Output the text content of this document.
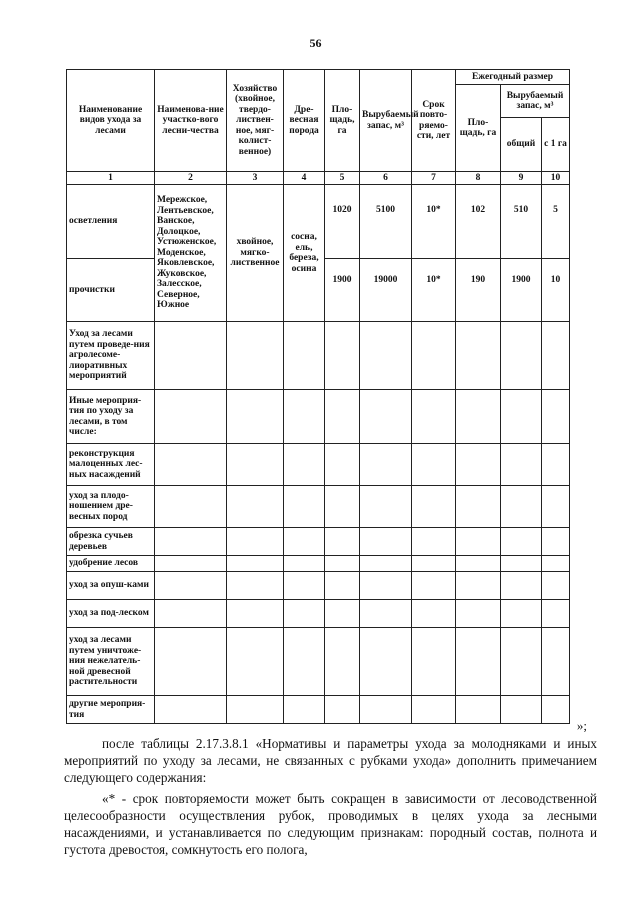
56
Наименование видов ухода за лесами	Наименова-ние участко-вого лесни-чества	Хозяйство (хвойное, твердо-листвен-ное, мяг-колист-венное)	Дре-весная порода	Пло-щадь, га	Вырубаемый запас, м³	Срок повто-ряемо-сти, лет	Ежегодный размер		
							Пло-щадь, га	Вырубаемый запас, м³	
								общий	с 1 га
1	2	3	4	5	6	7	8	9	10
осветления	Мережское, Лентьевское, Ванское, Долоцкое, Устюженское, Моденское, Яковлевское, Жуковское, Залесское, Северное, Южное	хвойное, мягко-лиственное	сосна, ель, береза, осина	1020	5100	10*	102	510	5
прочистки				1900	19000	10*	190	1900	10
Уход за лесами путем проведе-ния агролесоме-лиоративных мероприятий									
Иные мероприя-тия по уходу за лесами, в том числе:									
реконструкция малоценных лес-ных насаждений									
уход за плодо-ношением дре-весных пород									
обрезка сучьев деревьев									
удобрение лесов									
уход за опуш-ками									
уход за под-леском									
уход за лесами путем уничтоже-ния нежелатель-ной древесной растительности									
другие мероприя-тия									
»;
после таблицы 2.17.3.8.1 «Нормативы и параметры ухода за молодняками и иных мероприятий по уходу за лесами, не связанных с рубками ухода» дополнить примечанием следующего содержания:
«* - срок повторяемости может быть сокращен в зависимости от лесоводственной целесообразности осуществления рубок, проводимых в целях ухода за лесными насаждениями, и устанавливается по следующим признакам: породный состав, полнота и густота древостоя, сомкнутость его полога,
